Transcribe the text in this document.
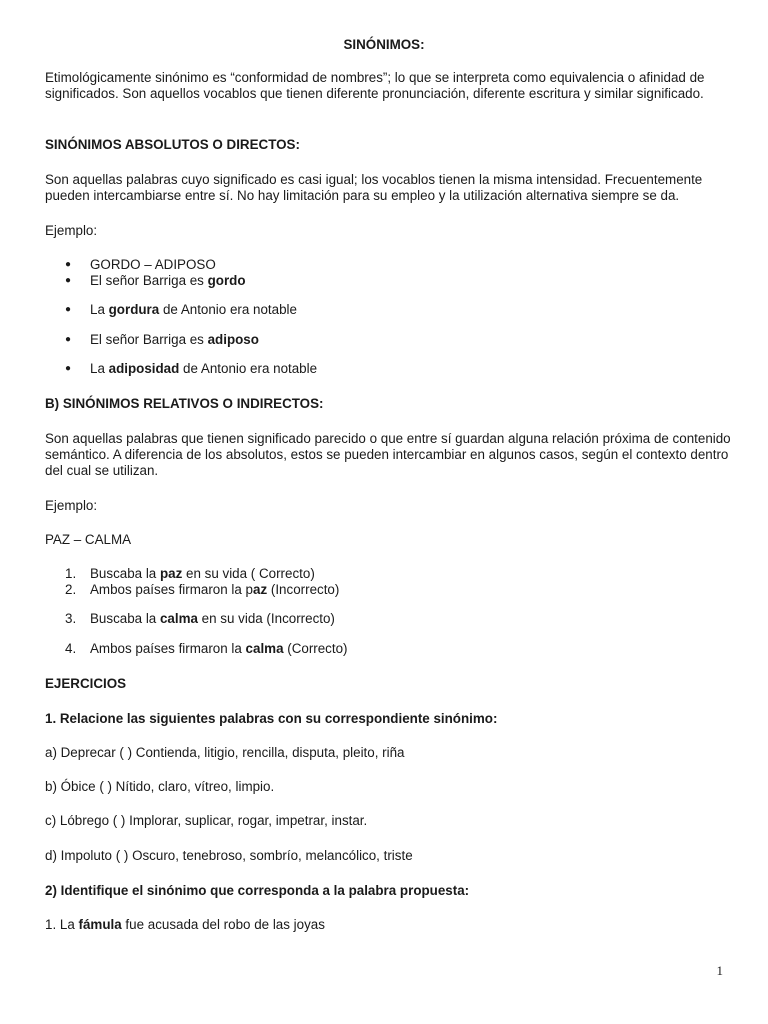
SINÓNIMOS:

Etimológicamente sinónimo es “conformidad de nombres”; lo que se interpreta como equivalencia o afinidad de significados. Son aquellos vocablos que tienen diferente pronunciación, diferente escritura y similar significado.

SINÓNIMOS ABSOLUTOS O DIRECTOS:

Son aquellas palabras cuyo significado es casi igual; los vocablos tienen la misma intensidad. Frecuentemente pueden intercambiarse entre sí. No hay limitación para su empleo y la utilización alternativa siempre se da.

Ejemplo:
● GORDO – ADIPOSO
● El señor Barriga es gordo
● La gordura de Antonio era notable
● El señor Barriga es adiposo
● La adiposidad de Antonio era notable
B) SINÓNIMOS RELATIVOS O INDIRECTOS:

Son aquellas palabras que tienen significado parecido o que entre sí guardan alguna relación próxima de contenido semántico. A diferencia de los absolutos, estos se pueden intercambiar en algunos casos, según el contexto dentro del cual se utilizan.

Ejemplo:
PAZ – CALMA
1.	Buscaba la paz en su vida ( Correcto)
2.	Ambos países firmaron la paz (Incorrecto)
3.	Buscaba la calma en su vida (Incorrecto)
4.	Ambos países firmaron la calma (Correcto)
EJERCICIOS
1. Relacione las siguientes palabras con su correspondiente sinónimo:
a) Deprecar ( ) Contienda, litigio, rencilla, disputa, pleito, riña
b) Óbice ( ) Nítido, claro, vítreo, limpio.
c) Lóbrego ( ) Implorar, suplicar, rogar, impetrar, instar.
d) Impoluto ( ) Oscuro, tenebroso, sombrío, melancólico, triste
2) Identifique el sinónimo que corresponda a la palabra propuesta:
1. La fámula fue acusada del robo de las joyas
1
